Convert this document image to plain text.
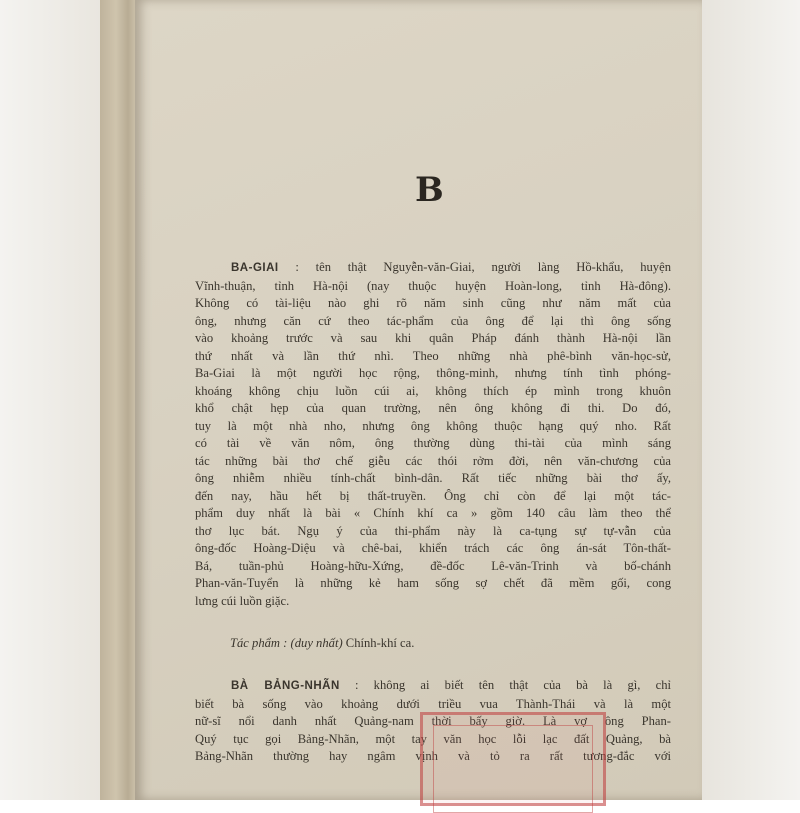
B
BA-GIAI : tên thật Nguyễn-văn-Giai, người làng Hồ-khẩu, huyện
Vĩnh-thuận, tỉnh Hà-nội (nay thuộc huyện Hoàn-long, tỉnh Hà-đông).
Không có tài-liệu nào ghi rõ năm sinh cũng như năm mất của
ông, nhưng căn cứ theo tác-phẩm của ông để lại thì ông sống
vào khoảng trước và sau khi quân Pháp đánh thành Hà-nội lần
thứ nhất và lần thứ nhì. Theo những nhà phê-bình văn-học-sử,
Ba-Giai là một người học rộng, thông-minh, nhưng tính tình phóng-
khoáng không chịu luồn cúi ai, không thích ép mình trong khuôn
khổ chật hẹp của quan trường, nên ông không đi thi. Do đó,
tuy là một nhà nho, nhưng ông không thuộc hạng quý nho. Rất
có tài về văn nôm, ông thường dùng thi-tài của mình sáng
tác những bài thơ chế giễu các thói rởm đời, nên văn-chương của
ông nhiễm nhiều tính-chất bình-dân. Rất tiếc những bài thơ ấy,
đến nay, hầu hết bị thất-truyền. Ông chỉ còn để lại một tác-
phẩm duy nhất là bài « Chính khí ca » gồm 140 câu làm theo thể
thơ lục bát. Ngụ ý của thi-phẩm này là ca-tụng sự tự-vẫn của
ông-đốc Hoàng-Diệu và chê-bai, khiển trách các ông án-sát Tôn-thất-
Bá, tuần-phủ Hoàng-hữu-Xứng, đề-đốc Lê-văn-Trinh và bố-chánh
Phan-văn-Tuyển là những kẻ ham sống sợ chết đã mềm gối, cong
lưng cúi luồn giặc.
Tác phẩm : (duy nhất) Chính-khí ca.
BÀ BẢNG-NHÃN : không ai biết tên thật của bà là gì, chỉ
biết bà sống vào khoảng dưới triều vua Thành-Thái và là một
nữ-sĩ nổi danh nhất Quảng-nam thời bấy giờ. Là vợ ông Phan-
Quý tục gọi Bảng-Nhãn, một tay văn học lỗi lạc đất Quảng, bà
Bảng-Nhãn thường hay ngâm vịnh và tỏ ra rất tương-đắc với
